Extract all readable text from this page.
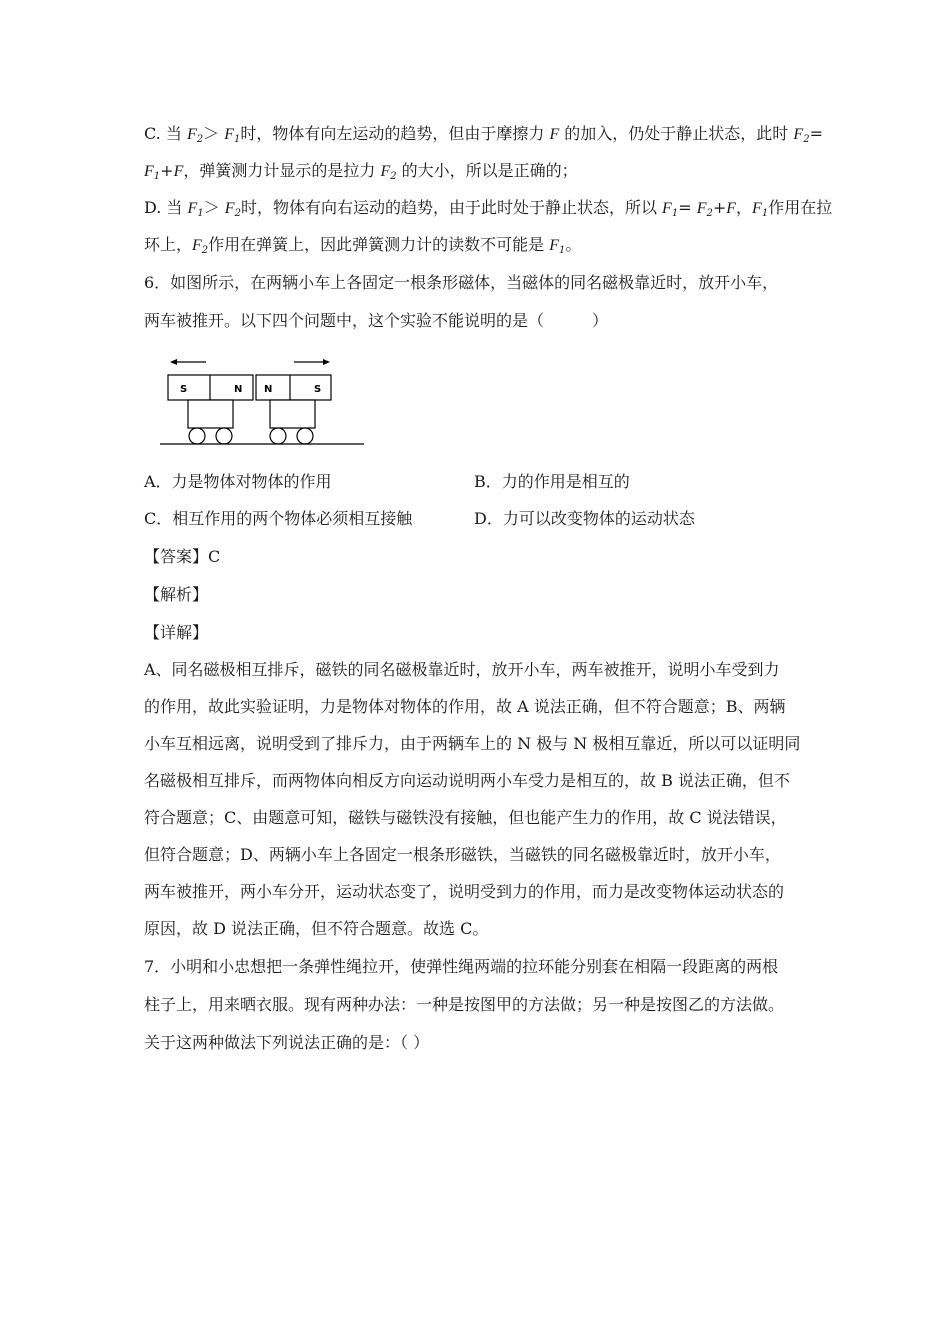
C. 当 $F_2> F_1$时，物体有向左运动的趋势，但由于摩擦力 F 的加入，仍处于静止状态，此时 $F_2=$
$F_1+F$，弹簧测力计显示的是拉力 $F_2$ 的大小，所以是正确的；
D. 当 $F_1> F_2$时，物体有向右运动的趋势，由于此时处于静止状态，所以 $F_1= F_2+F$，$F_1$作用在拉
环上，$F_2$作用在弹簧上，因此弹簧测力计的读数不可能是 $F_1$。
6．如图所示，在两辆小车上各固定一根条形磁体，当磁体的同名磁极靠近时，放开小车，
两车被推开。以下四个问题中，这个实验不能说明的是（　　　）
S	N N	S
A．力是物体对物体的作用	B．力的作用是相互的
C．相互作用的两个物体必须相互接触	D．力可以改变物体的运动状态
【答案】C
【解析】
【详解】
A、同名磁极相互排斥，磁铁的同名磁极靠近时，放开小车，两车被推开，说明小车受到力
的作用，故此实验证明，力是物体对物体的作用，故 A 说法正确，但不符合题意；B、两辆
小车互相远离，说明受到了排斥力，由于两辆车上的 N 极与 N 极相互靠近，所以可以证明同
名磁极相互排斥，而两物体向相反方向运动说明两小车受力是相互的，故 B 说法正确，但不
符合题意；C、由题意可知，磁铁与磁铁没有接触，但也能产生力的作用，故 C 说法错误，
但符合题意；D、两辆小车上各固定一根条形磁铁，当磁铁的同名磁极靠近时，放开小车，
两车被推开，两小车分开，运动状态变了，说明受到力的作用，而力是改变物体运动状态的
原因，故 D 说法正确，但不符合题意。故选 C。
7．小明和小忠想把一条弹性绳拉开，使弹性绳两端的拉环能分别套在相隔一段距离的两根
柱子上，用来晒衣服。现有两种办法：一种是按图甲的方法做；另一种是按图乙的方法做。
关于这两种做法下列说法正确的是：（ ）
